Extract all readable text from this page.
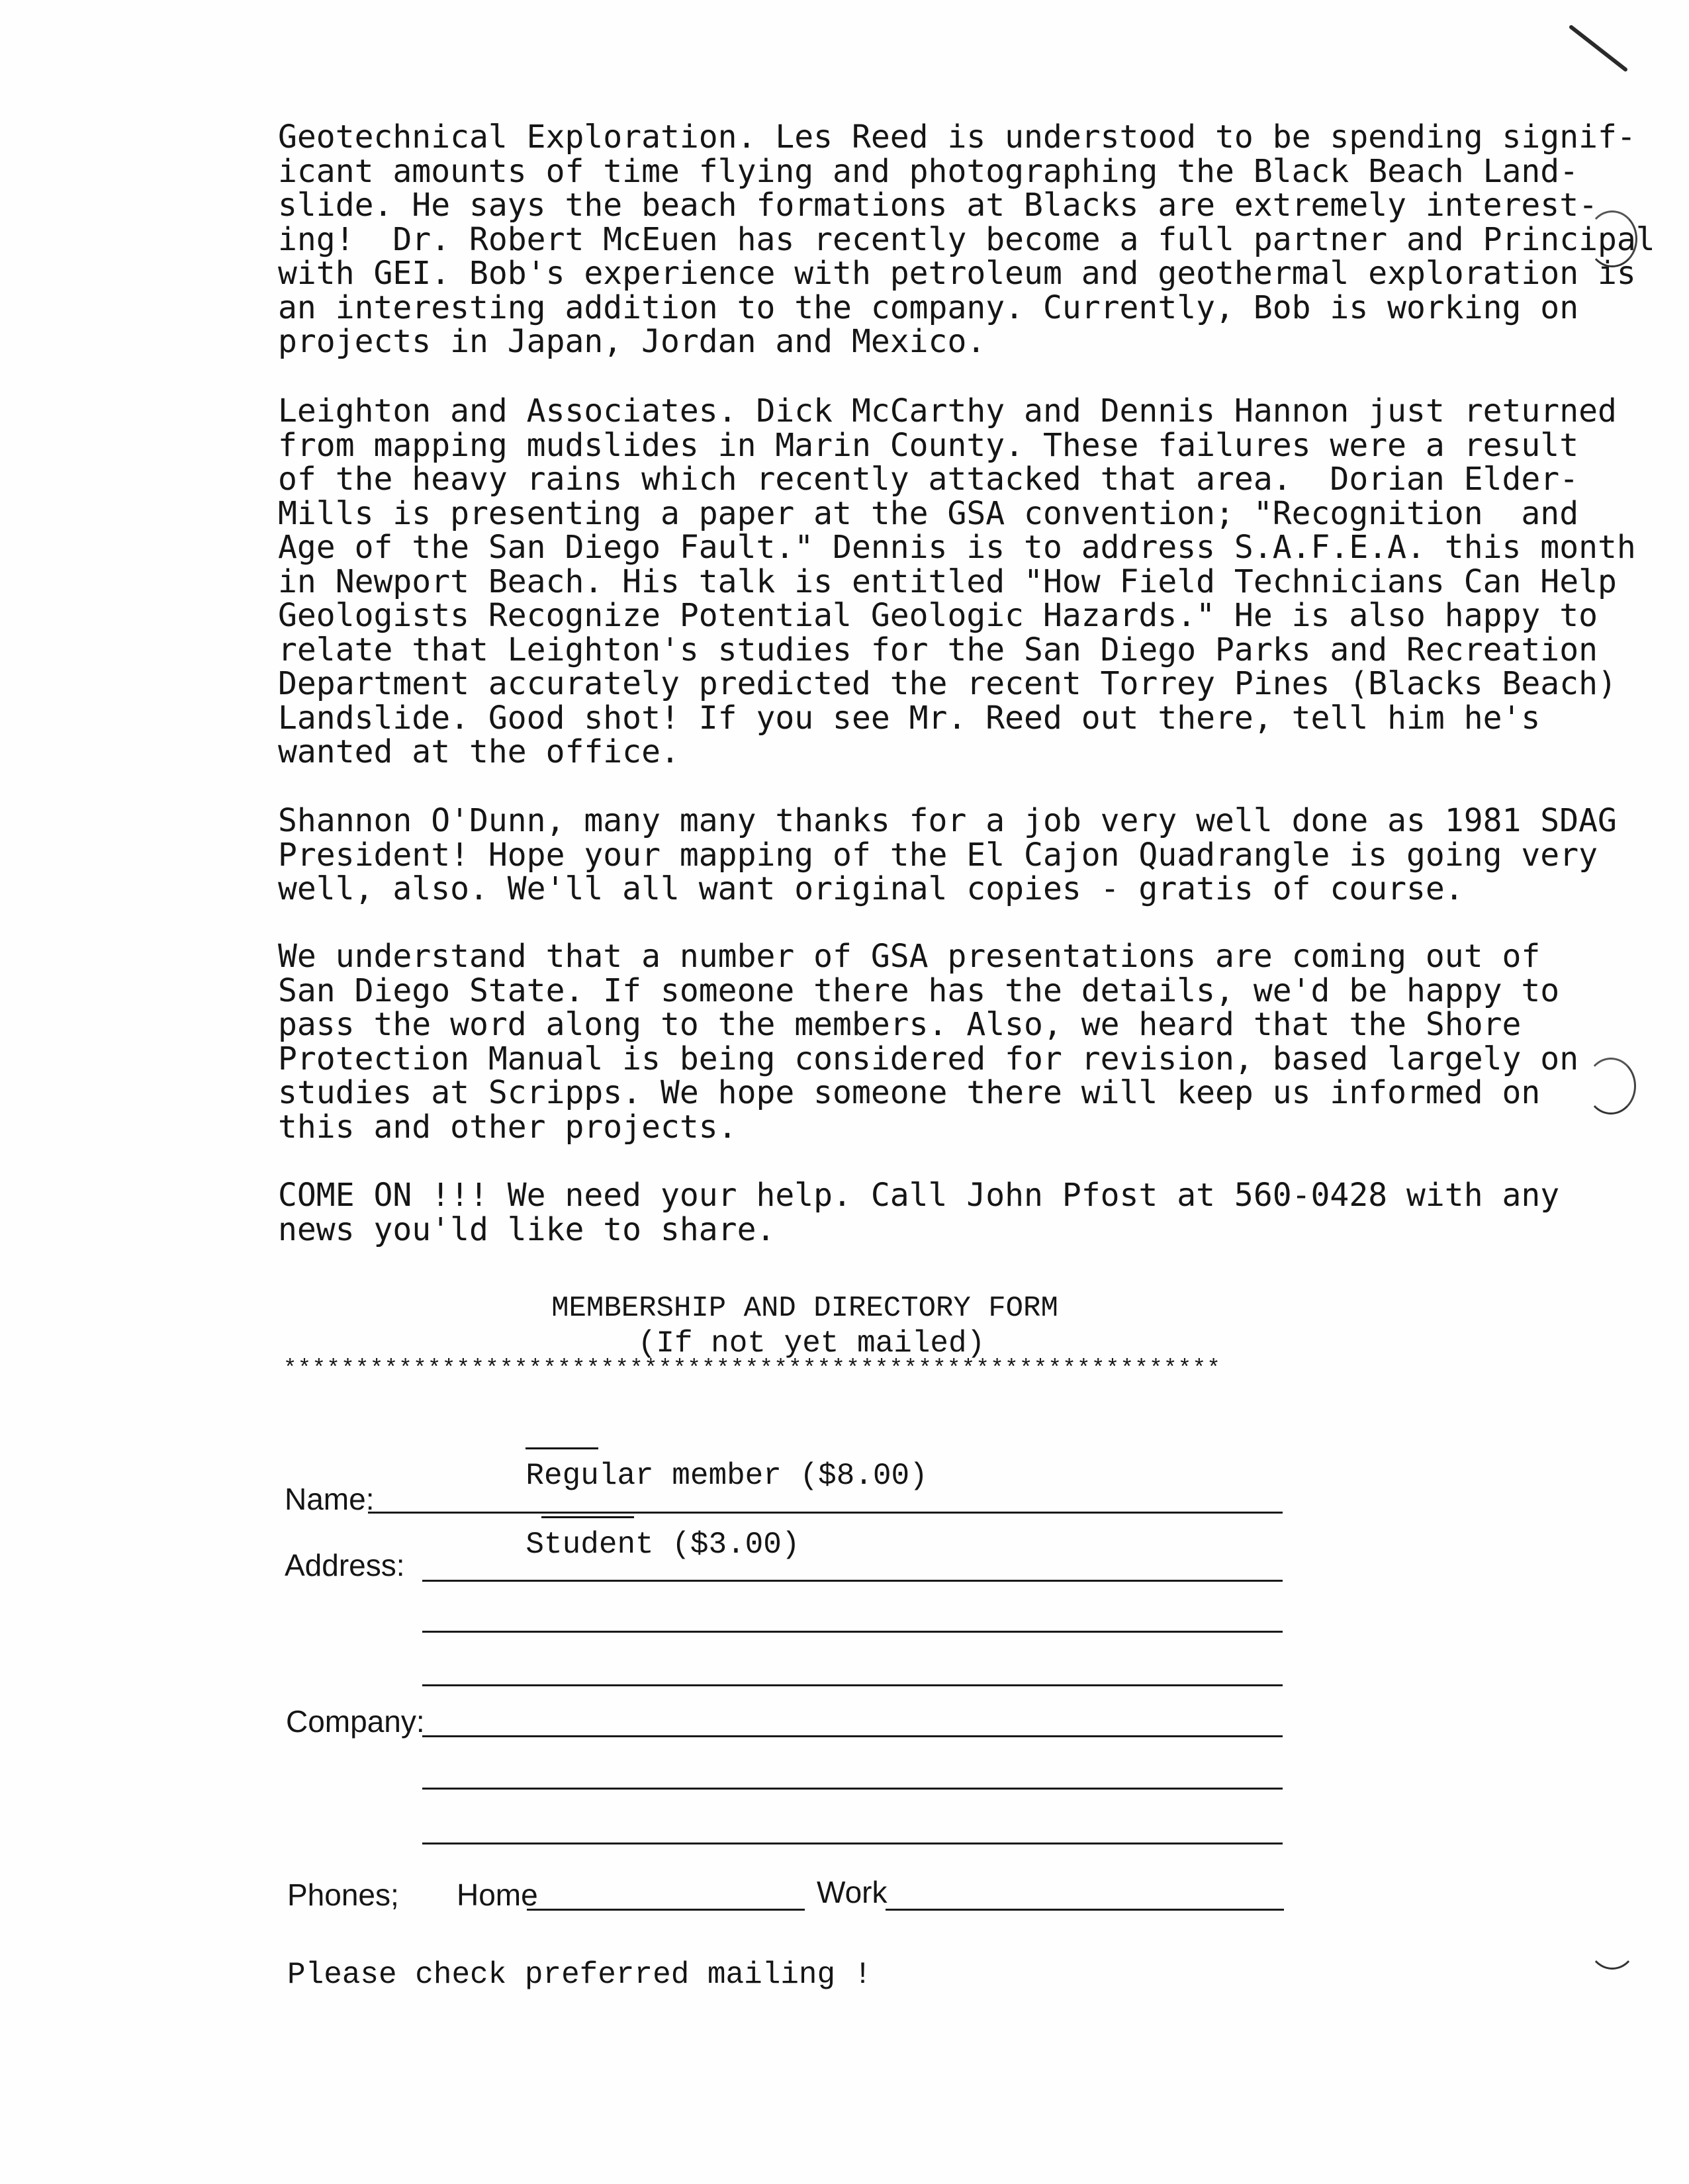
Geotechnical Exploration. Les Reed is understood to be spending signif-
icant amounts of time flying and photographing the Black Beach Land-
slide. He says the beach formations at Blacks are extremely interest-
ing!  Dr. Robert McEuen has recently become a full partner and Principal
with GEI. Bob's experience with petroleum and geothermal exploration is
an interesting addition to the company. Currently, Bob is working on
projects in Japan, Jordan and Mexico.
Leighton and Associates. Dick McCarthy and Dennis Hannon just returned
from mapping mudslides in Marin County. These failures were a result
of the heavy rains which recently attacked that area.  Dorian Elder-
Mills is presenting a paper at the GSA convention; "Recognition  and
Age of the San Diego Fault." Dennis is to address S.A.F.E.A. this month
in Newport Beach. His talk is entitled "How Field Technicians Can Help
Geologists Recognize Potential Geologic Hazards." He is also happy to
relate that Leighton's studies for the San Diego Parks and Recreation
Department accurately predicted the recent Torrey Pines (Blacks Beach)
Landslide. Good shot! If you see Mr. Reed out there, tell him he's
wanted at the office.
Shannon O'Dunn, many many thanks for a job very well done as 1981 SDAG
President! Hope your mapping of the El Cajon Quadrangle is going very
well, also. We'll all want original copies - gratis of course.
We understand that a number of GSA presentations are coming out of
San Diego State. If someone there has the details, we'd be happy to
pass the word along to the members. Also, we heard that the Shore
Protection Manual is being considered for revision, based largely on
studies at Scripps. We hope someone there will keep us informed on
this and other projects.
COME ON !!! We need your help. Call John Pfost at 560-0428 with any
news you'ld like to share.
MEMBERSHIP AND DIRECTORY FORM
(If not yet mailed)
*****************************************************************

Regular member ($8.00)

Student ($3.00)

Name:
Address:
Company:
Phones; Home	Work
Please check preferred mailing !
